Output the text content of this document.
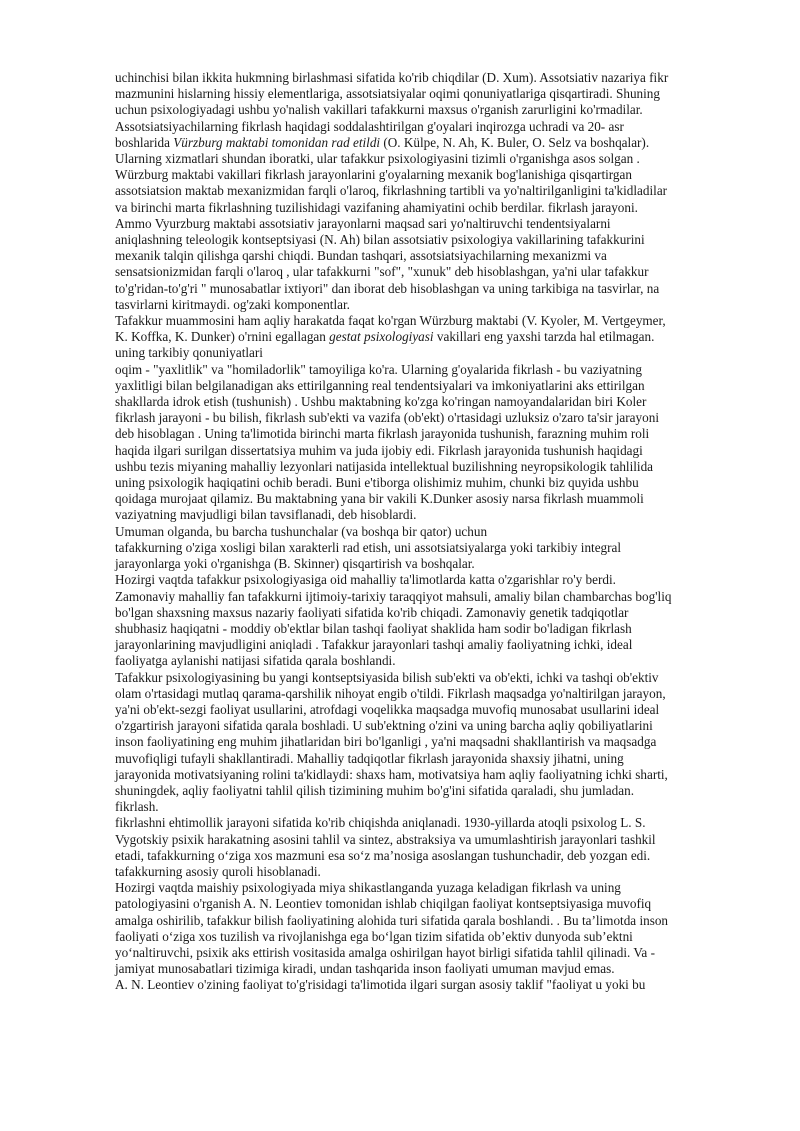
uchinchisi bilan ikkita hukmning birlashmasi sifatida ko'rib chiqdilar (D. Xum). Assotsiativ nazariya fikr
mazmunini hislarning hissiy elementlariga, assotsiatsiyalar oqimi qonuniyatlariga qisqartiradi. Shuning
uchun psixologiyadagi ushbu yo'nalish vakillari tafakkurni maxsus o'rganish zarurligini ko'rmadilar.
Assotsiatsiyachilarning fikrlash haqidagi soddalashtirilgan g'oyalari inqirozga uchradi va 20- asr
boshlarida Vürzburg maktabi tomonidan rad etildi (O. Külpe, N. Ah, K. Buler, O. Selz va boshqalar).
Ularning xizmatlari shundan iboratki, ular tafakkur psixologiyasini tizimli o'rganishga asos solgan .
Würzburg maktabi vakillari fikrlash jarayonlarini g'oyalarning mexanik bog'lanishiga qisqartirgan
assotsiatsion maktab mexanizmidan farqli o'laroq, fikrlashning tartibli va yo'naltirilganligini ta'kidladilar
va birinchi marta fikrlashning tuzilishidagi vazifaning ahamiyatini ochib berdilar. fikrlash jarayoni.
Ammo Vyurzburg maktabi assotsiativ jarayonlarni maqsad sari yo'naltiruvchi tendentsiyalarni
aniqlashning teleologik kontseptsiyasi (N. Ah) bilan assotsiativ psixologiya vakillarining tafakkurini
mexanik talqin qilishga qarshi chiqdi. Bundan tashqari, assotsiatsiyachilarning mexanizmi va
sensatsionizmidan farqli o'laroq , ular tafakkurni "sof", "xunuk" deb hisoblashgan, ya'ni ular tafakkur
to'g'ridan-to'g'ri " munosabatlar ixtiyori" dan iborat deb hisoblashgan va uning tarkibiga na tasvirlar, na
tasvirlarni kiritmaydi. og'zaki komponentlar.
Tafakkur muammosini ham aqliy harakatda faqat ko'rgan Würzburg maktabi (V. Kyoler, M. Vertgeymer,
K. Koffka, K. Dunker) o'rnini egallagan gestat psixologiyasi vakillari eng yaxshi tarzda hal etilmagan.
uning tarkibiy qonuniyatlari
oqim - "yaxlitlik" va "homiladorlik" tamoyiliga ko'ra. Ularning g'oyalarida fikrlash - bu vaziyatning
yaxlitligi bilan belgilanadigan aks ettirilganning real tendentsiyalari va imkoniyatlarini aks ettirilgan
shakllarda idrok etish (tushunish) . Ushbu maktabning ko'zga ko'ringan namoyandalaridan biri Koler
fikrlash jarayoni - bu bilish, fikrlash sub'ekti va vazifa (ob'ekt) o'rtasidagi uzluksiz o'zaro ta'sir jarayoni
deb hisoblagan . Uning ta'limotida birinchi marta fikrlash jarayonida tushunish, farazning muhim roli
haqida ilgari surilgan dissertatsiya muhim va juda ijobiy edi. Fikrlash jarayonida tushunish haqidagi
ushbu tezis miyaning mahalliy lezyonlari natijasida intellektual buzilishning neyropsikologik tahlilida
uning psixologik haqiqatini ochib beradi. Buni e'tiborga olishimiz muhim, chunki biz quyida ushbu
qoidaga murojaat qilamiz. Bu maktabning yana bir vakili K.Dunker asosiy narsa fikrlash muammoli
vaziyatning mavjudligi bilan tavsiflanadi, deb hisoblardi.
Umuman olganda, bu barcha tushunchalar (va boshqa bir qator) uchun
tafakkurning o'ziga xosligi bilan xarakterli rad etish, uni assotsiatsiyalarga yoki tarkibiy integral
jarayonlarga yoki o'rganishga (B. Skinner) qisqartirish va boshqalar.
Hozirgi vaqtda tafakkur psixologiyasiga oid mahalliy ta'limotlarda katta o'zgarishlar ro'y berdi.
Zamonaviy mahalliy fan tafakkurni ijtimoiy-tarixiy taraqqiyot mahsuli, amaliy bilan chambarchas bog'liq
bo'lgan shaxsning maxsus nazariy faoliyati sifatida ko'rib chiqadi. Zamonaviy genetik tadqiqotlar
shubhasiz haqiqatni - moddiy ob'ektlar bilan tashqi faoliyat shaklida ham sodir bo'ladigan fikrlash
jarayonlarining mavjudligini aniqladi . Tafakkur jarayonlari tashqi amaliy faoliyatning ichki, ideal
faoliyatga aylanishi natijasi sifatida qarala boshlandi.
Tafakkur psixologiyasining bu yangi kontseptsiyasida bilish sub'ekti va ob'ekti, ichki va tashqi ob'ektiv
olam o'rtasidagi mutlaq qarama-qarshilik nihoyat engib o'tildi. Fikrlash maqsadga yo'naltirilgan jarayon,
ya'ni ob'ekt-sezgi faoliyat usullarini, atrofdagi voqelikka maqsadga muvofiq munosabat usullarini ideal
o'zgartirish jarayoni sifatida qarala boshladi. U sub'ektning o'zini va uning barcha aqliy qobiliyatlarini
inson faoliyatining eng muhim jihatlaridan biri bo'lganligi , ya'ni maqsadni shakllantirish va maqsadga
muvofiqligi tufayli shakllantiradi. Mahalliy tadqiqotlar fikrlash jarayonida shaxsiy jihatni, uning
jarayonida motivatsiyaning rolini ta'kidlaydi: shaxs ham, motivatsiya ham aqliy faoliyatning ichki sharti,
shuningdek, aqliy faoliyatni tahlil qilish tizimining muhim bo'g'ini sifatida qaraladi, shu jumladan.
fikrlash.
fikrlashni ehtimollik jarayoni sifatida ko'rib chiqishda aniqlanadi. 1930-yillarda atoqli psixolog L. S.
Vygotskiy psixik harakatning asosini tahlil va sintez, abstraksiya va umumlashtirish jarayonlari tashkil
etadi, tafakkurning o‘ziga xos mazmuni esa so‘z ma’nosiga asoslangan tushunchadir, deb yozgan edi.
tafakkurning asosiy quroli hisoblanadi.
Hozirgi vaqtda maishiy psixologiyada miya shikastlanganda yuzaga keladigan fikrlash va uning
patologiyasini o'rganish A. N. Leontiev tomonidan ishlab chiqilgan faoliyat kontseptsiyasiga muvofiq
amalga oshirilib, tafakkur bilish faoliyatining alohida turi sifatida qarala boshlandi. . Bu ta’limotda inson
faoliyati o‘ziga xos tuzilish va rivojlanishga ega bo‘lgan tizim sifatida ob’ektiv dunyoda sub’ektni
yo‘naltiruvchi, psixik aks ettirish vositasida amalga oshirilgan hayot birligi sifatida tahlil qilinadi. Va -
jamiyat munosabatlari tizimiga kiradi, undan tashqarida inson faoliyati umuman mavjud emas.
A. N. Leontiev o'zining faoliyat to'g'risidagi ta'limotida ilgari surgan asosiy taklif "faoliyat u yoki bu
